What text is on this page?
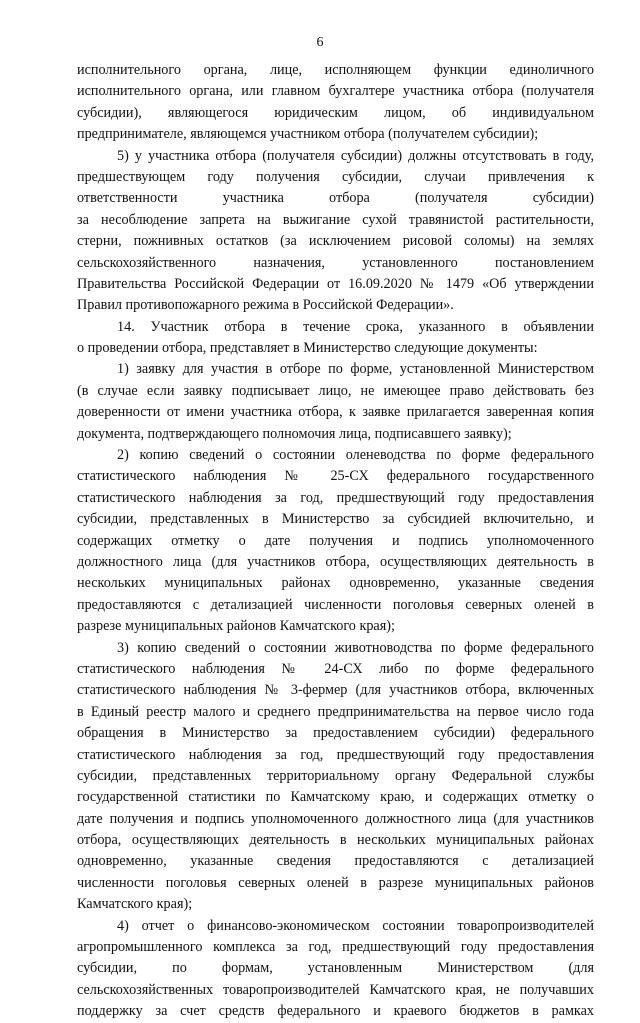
6
исполнительного органа, лице, исполняющем функции единоличного
исполнительного органа, или главном бухгалтере участника отбора (получателя
субсидии), являющегося юридическим лицом, об индивидуальном
предпринимателе, являющемся участником отбора (получателем субсидии);
5) у участника отбора (получателя субсидии) должны отсутствовать в году,
предшествующем году получения субсидии, случаи привлечения к
ответственности участника отбора (получателя субсидии)
за несоблюдение запрета на выжигание сухой травянистой растительности,
стерни, пожнивных остатков (за исключением рисовой соломы) на землях
сельскохозяйственного назначения, установленного постановлением
Правительства Российской Федерации от 16.09.2020 № 1479 «Об утверждении
Правил противопожарного режима в Российской Федерации».
14. Участник отбора в течение срока, указанного в объявлении
о проведении отбора, представляет в Министерство следующие документы:
1) заявку для участия в отборе по форме, установленной Министерством
(в случае если заявку подписывает лицо, не имеющее право действовать без
доверенности от имени участника отбора, к заявке прилагается заверенная копия
документа, подтверждающего полномочия лица, подписавшего заявку);
2) копию сведений о состоянии оленеводства по форме федерального
статистического наблюдения № 25-СХ федерального государственного
статистического наблюдения за год, предшествующий году предоставления
субсидии, представленных в Министерство за субсидией включительно, и
содержащих отметку о дате получения и подпись уполномоченного
должностного лица (для участников отбора, осуществляющих деятельность в
нескольких муниципальных районах одновременно, указанные сведения
предоставляются с детализацией численности поголовья северных оленей в
разрезе муниципальных районов Камчатского края);
3) копию сведений о состоянии животноводства по форме федерального
статистического наблюдения № 24-СХ либо по форме федерального
статистического наблюдения № 3-фермер (для участников отбора, включенных
в Единый реестр малого и среднего предпринимательства на первое число года
обращения в Министерство за предоставлением субсидии) федерального
статистического наблюдения за год, предшествующий году предоставления
субсидии, представленных территориальному органу Федеральной службы
государственной статистики по Камчатскому краю, и содержащих отметку о
дате получения и подпись уполномоченного должностного лица (для участников
отбора, осуществляющих деятельность в нескольких муниципальных районах
одновременно, указанные сведения предоставляются с детализацией
численности поголовья северных оленей в разрезе муниципальных районов
Камчатского края);
4) отчет о финансово-экономическом состоянии товаропроизводителей
агропромышленного комплекса за год, предшествующий году предоставления
субсидии, по формам, установленным Министерством (для
сельскохозяйственных товаропроизводителей Камчатского края, не получавших
поддержку за счет средств федерального и краевого бюджетов в рамках
